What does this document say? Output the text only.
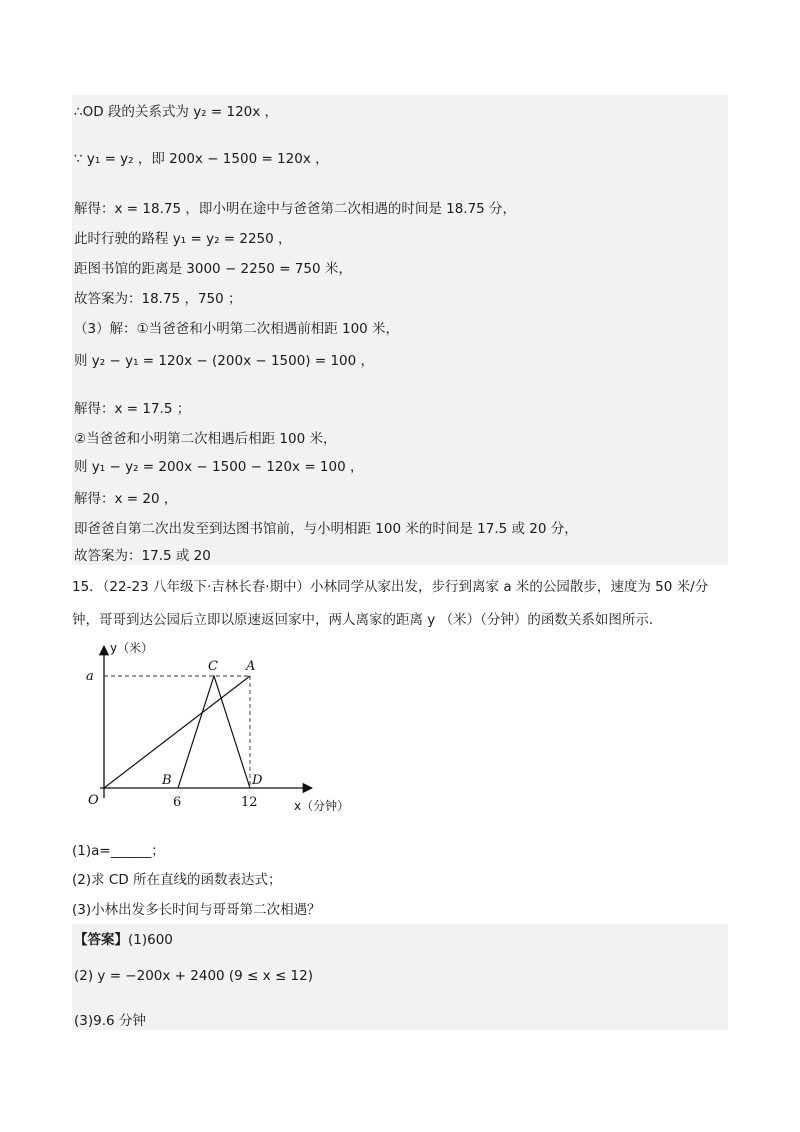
∴OD 段的关系式为 y₂ = 120x ，
∵ y₁ = y₂ ，即 200x − 1500 = 120x ，
解得：x = 18.75 ，即小明在途中与爸爸第二次相遇的时间是 18.75 分，
此时行驶的路程 y₁ = y₂ = 2250 ，
距图书馆的距离是 3000 − 2250 = 750 米，
故答案为：18.75 ，750 ；
（3）解：①当爸爸和小明第二次相遇前相距 100 米，
则 y₂ − y₁ = 120x − (200x − 1500) = 100 ，
解得：x = 17.5 ；
②当爸爸和小明第二次相遇后相距 100 米，
则 y₁ − y₂ = 200x − 1500 − 120x = 100 ，
解得：x = 20 ，
即爸爸自第二次出发至到达图书馆前，与小明相距 100 米的时间是 17.5 或 20 分，
故答案为：17.5 或 20
15．（22-23 八年级下·吉林长春·期中）小林同学从家出发，步行到离家 a 米的公园散步，速度为 50 米/分
钟，哥哥到达公园后立即以原速返回家中，两人离家的距离 y （米）（分钟）的函数关系如图所示．
y（米）
a
C A
B	D
O	6	12	x（分钟）
(1)a=______；
(2)求 CD 所在直线的函数表达式；
(3)小林出发多长时间与哥哥第二次相遇？
【答案】(1)600
(2) y = −200x + 2400 (9 ≤ x ≤ 12)
(3)9.6 分钟
